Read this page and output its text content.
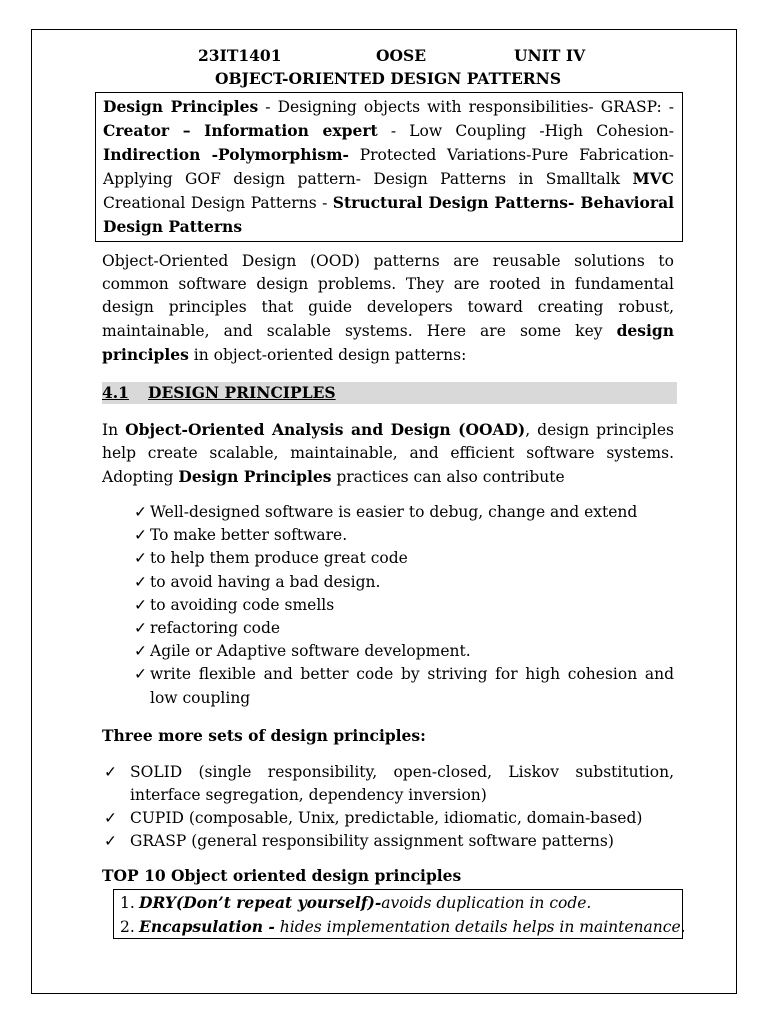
23IT1401	OOSE	UNIT IV
OBJECT-ORIENTED DESIGN PATTERNS
Design Principles - Designing objects with responsibilities- GRASP: - Creator – Information expert - Low Coupling -High Cohesion- Indirection -Polymorphism- Protected Variations-Pure Fabrication- Applying GOF design pattern- Design Patterns in Smalltalk MVC Creational Design Patterns - Structural Design Patterns- Behavioral Design Patterns

Object-Oriented Design (OOD) patterns are reusable solutions to common software design problems. They are rooted in fundamental design principles that guide developers toward creating robust, maintainable, and scalable systems. Here are some key design principles in object-oriented design patterns:

4.1 DESIGN PRINCIPLES

In Object-Oriented Analysis and Design (OOAD), design principles help create scalable, maintainable, and efficient software systems. Adopting Design Principles practices can also contribute

✓ Well-designed software is easier to debug, change and extend
✓ To make better software.
✓ to help them produce great code
✓ to avoid having a bad design.
✓ to avoiding code smells
✓ refactoring code
✓ Agile or Adaptive software development.
✓ write flexible and better code by striving for high cohesion and low coupling
Three more sets of design principles:
✓ SOLID (single responsibility, open-closed, Liskov substitution, interface segregation, dependency inversion)
✓ CUPID (composable, Unix, predictable, idiomatic, domain-based)
✓ GRASP (general responsibility assignment software patterns)
TOP 10 Object oriented design principles
1. DRY(Don’t repeat yourself)-avoids duplication in code.
2. Encapsulation - hides implementation details helps in maintenance.
